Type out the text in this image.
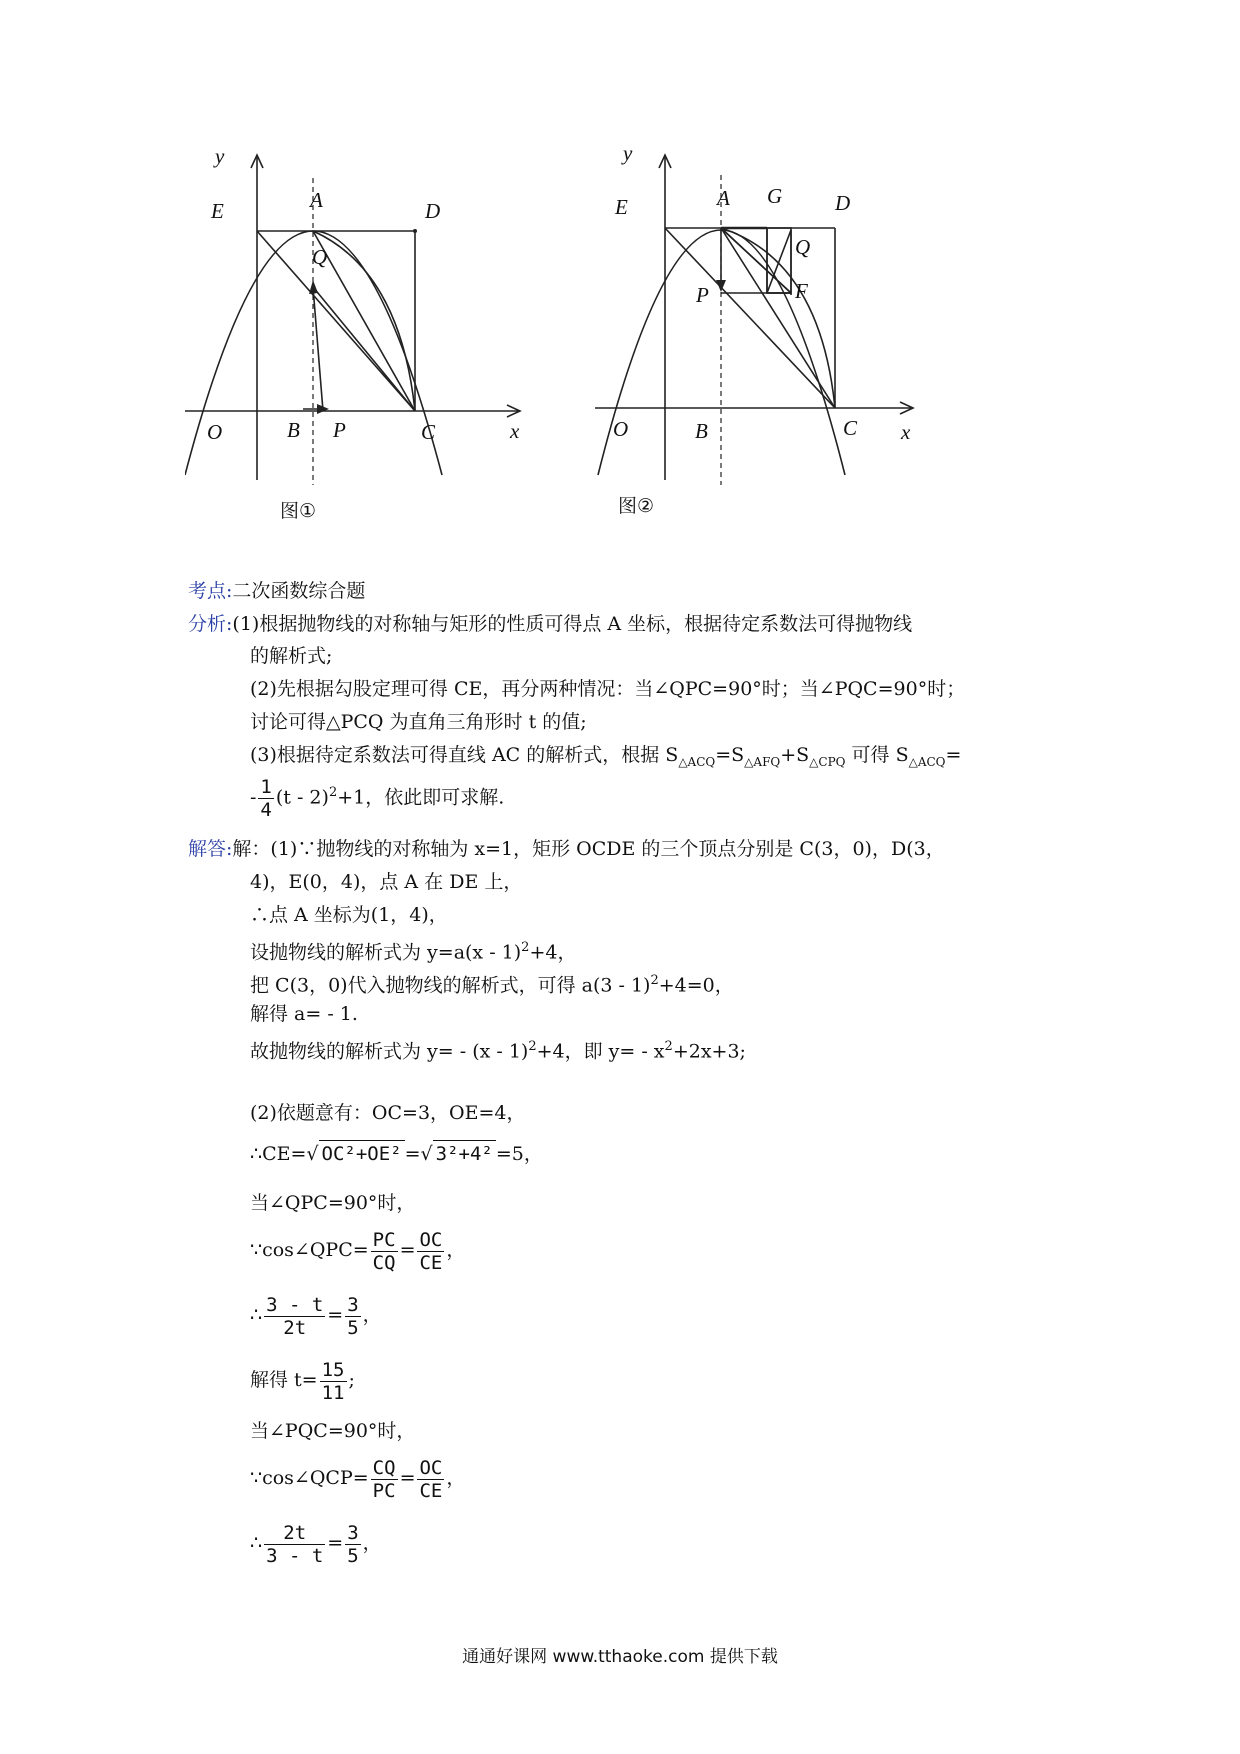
y
E	A	D
Q
O	B P	C	x
图①
y
E	A G	D
Q
P	F
O	B	C x
图②
考点:二次函数综合题
分析:(1)根据抛物线的对称轴与矩形的性质可得点 A 坐标，根据待定系数法可得抛物线
的解析式;
(2)先根据勾股定理可得 CE，再分两种情况：当∠QPC=90°时；当∠PQC=90°时；
讨论可得△PCQ 为直角三角形时 t 的值;
(3)根据待定系数法可得直线 AC 的解析式，根据 $S_{\triangle ACQ}=S_{\triangle AFQ}+S_{\triangle CPQ}$ 可得 $S_{\triangle ACQ}=$
- $\frac{1}{4} (t - 2)^2+1$，依此即可求解.
解答:解：(1)∵抛物线的对称轴为 x=1，矩形 OCDE 的三个顶点分别是 C(3，0)，D(3，
4)，E(0，4)，点 A 在 DE 上，
∴点 A 坐标为(1，4)，
设抛物线的解析式为 y=a(x - 1)$^2$+4，
把 C(3，0)代入抛物线的解析式，可得 a(3 - 1)$^2$+4=0，
解得 a= - 1.
故抛物线的解析式为 y= - (x - 1)$^2$+4，即 $y= - x^2+2x+3$;
(2)依题意有：OC=3，OE=4，
∴CE=√ OC²+OE² =√ 3²+4² =5，
当∠QPC=90°时，
∵cos∠QPC= $\frac{PC}{CQ} = \frac{OC}{CE}$ ，
∴ $\frac{3 - t}{2t} = \frac{3}{5}$ ，
解得 $t= \frac{15}{11}$ ;
当∠PQC=90°时，
∵cos∠QCP= $\frac{CQ}{PC} = \frac{OC}{CE}$ ，
∴ $\frac{2t}{3 - t} = \frac{3}{5}$ ，
通通好课网 www.tthaoke.com 提供下载
